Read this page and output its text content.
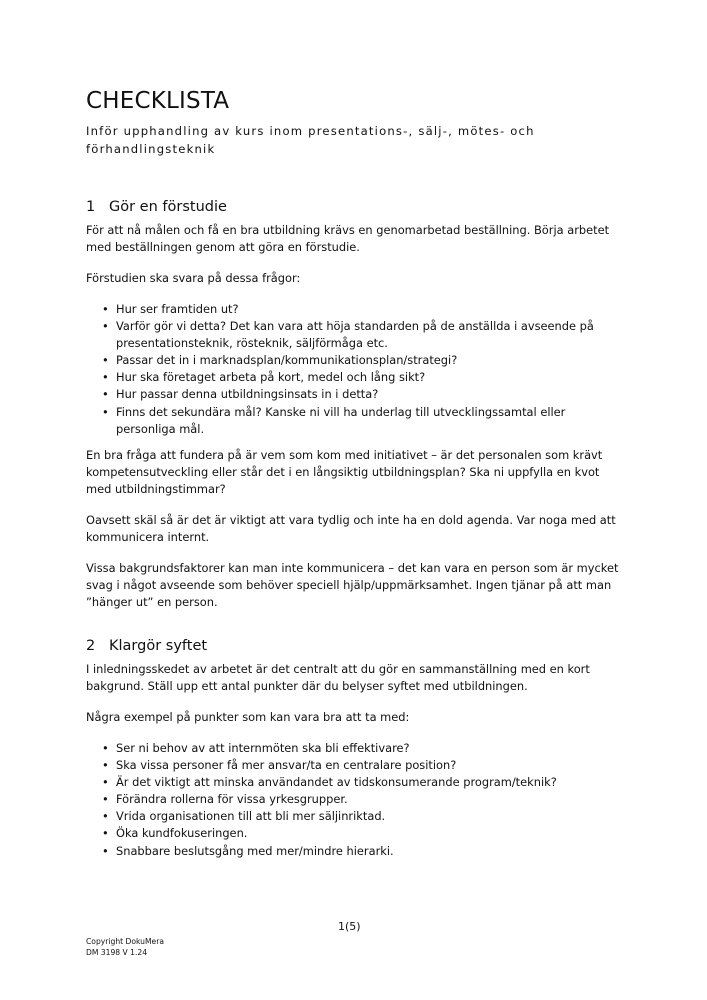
CHECKLISTA

Inför upphandling av kurs inom presentations-, sälj-, mötes- och förhandlingsteknik

1 Gör en förstudie

För att nå målen och få en bra utbildning krävs en genomarbetad beställning. Börja arbetet med beställningen genom att göra en förstudie.

Förstudien ska svara på dessa frågor:

• Hur ser framtiden ut?
• Varför gör vi detta? Det kan vara att höja standarden på de anställda i avseende på presentationsteknik, rösteknik, säljförmåga etc.
• Passar det in i marknadsplan/kommunikationsplan/strategi?
• Hur ska företaget arbeta på kort, medel och lång sikt?
• Hur passar denna utbildningsinsats in i detta?
• Finns det sekundära mål? Kanske ni vill ha underlag till utvecklingssamtal eller personliga mål.

En bra fråga att fundera på är vem som kom med initiativet – är det personalen som krävt kompetensutveckling eller står det i en långsiktig utbildningsplan? Ska ni uppfylla en kvot med utbildningstimmar?

Oavsett skäl så är det är viktigt att vara tydlig och inte ha en dold agenda. Var noga med att kommunicera internt.

Vissa bakgrundsfaktorer kan man inte kommunicera – det kan vara en person som är mycket svag i något avseende som behöver speciell hjälp/uppmärksamhet. Ingen tjänar på att man ”hänger ut” en person.

2 Klargör syftet

I inledningsskedet av arbetet är det centralt att du gör en sammanställning med en kort bakgrund. Ställ upp ett antal punkter där du belyser syftet med utbildningen.

Några exempel på punkter som kan vara bra att ta med:

• Ser ni behov av att internmöten ska bli effektivare?
• Ska vissa personer få mer ansvar/ta en centralare position?
• Är det viktigt att minska användandet av tidskonsumerande program/teknik?
• Förändra rollerna för vissa yrkesgrupper.
• Vrida organisationen till att bli mer säljinriktad.
• Öka kundfokuseringen.
• Snabbare beslutsgång med mer/mindre hierarki.

1(5)

Copyright DokuMera

DM 3198 V 1.24
